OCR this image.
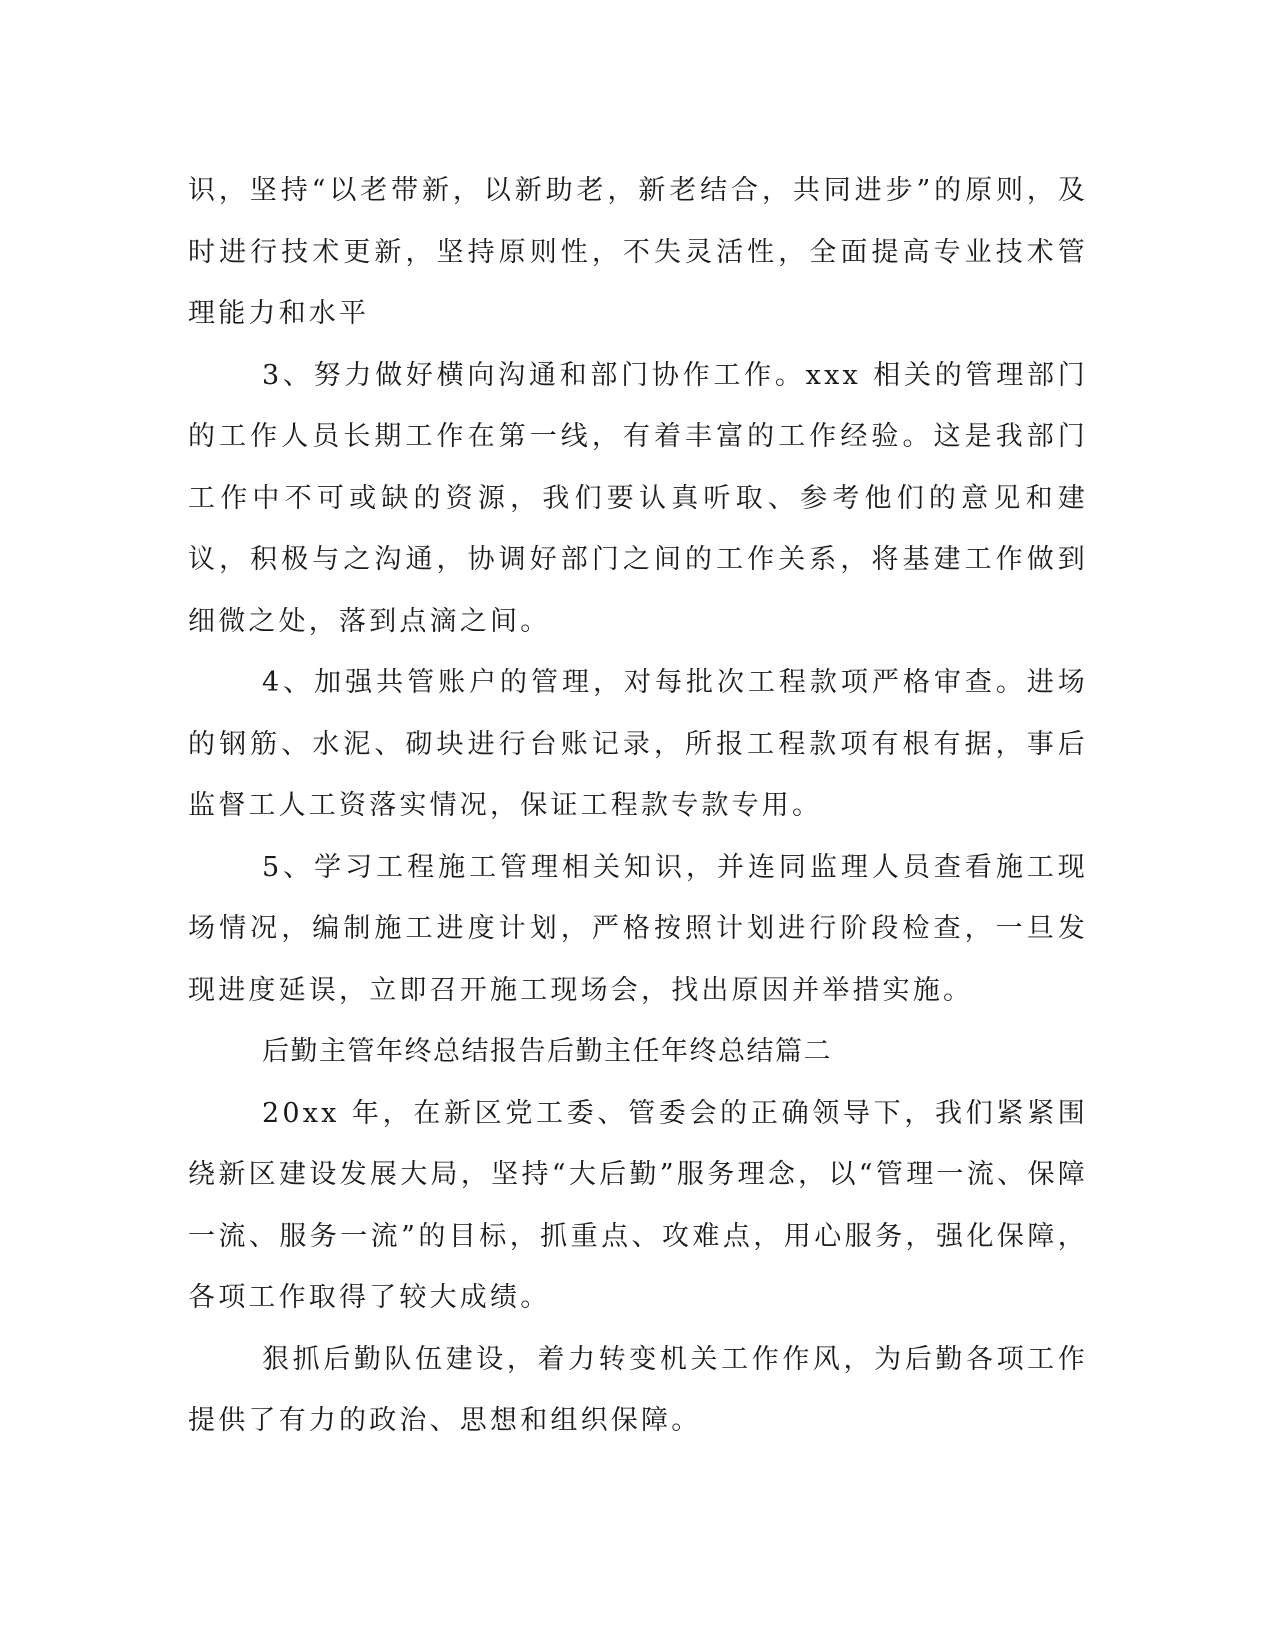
识，坚持“以老带新，以新助老，新老结合，共同进步”的原则，及时进行技术更新，坚持原则性，不失灵活性，全面提高专业技术管理能力和水平

3、努力做好横向沟通和部门协作工作。xxx 相关的管理部门的工作人员长期工作在第一线，有着丰富的工作经验。这是我部门工作中不可或缺的资源，我们要认真听取、参考他们的意见和建议，积极与之沟通，协调好部门之间的工作关系，将基建工作做到细微之处，落到点滴之间。

4、加强共管账户的管理，对每批次工程款项严格审查。进场的钢筋、水泥、砌块进行台账记录，所报工程款项有根有据，事后监督工人工资落实情况，保证工程款专款专用。

5、学习工程施工管理相关知识，并连同监理人员查看施工现场情况，编制施工进度计划，严格按照计划进行阶段检查，一旦发现进度延误，立即召开施工现场会，找出原因并举措实施。

后勤主管年终总结报告后勤主任年终总结篇二

20xx 年，在新区党工委、管委会的正确领导下，我们紧紧围绕新区建设发展大局，坚持“大后勤”服务理念，以“管理一流、保障一流、服务一流”的目标，抓重点、攻难点，用心服务，强化保障，各项工作取得了较大成绩。

狠抓后勤队伍建设，着力转变机关工作作风，为后勤各项工作提供了有力的政治、思想和组织保障。
